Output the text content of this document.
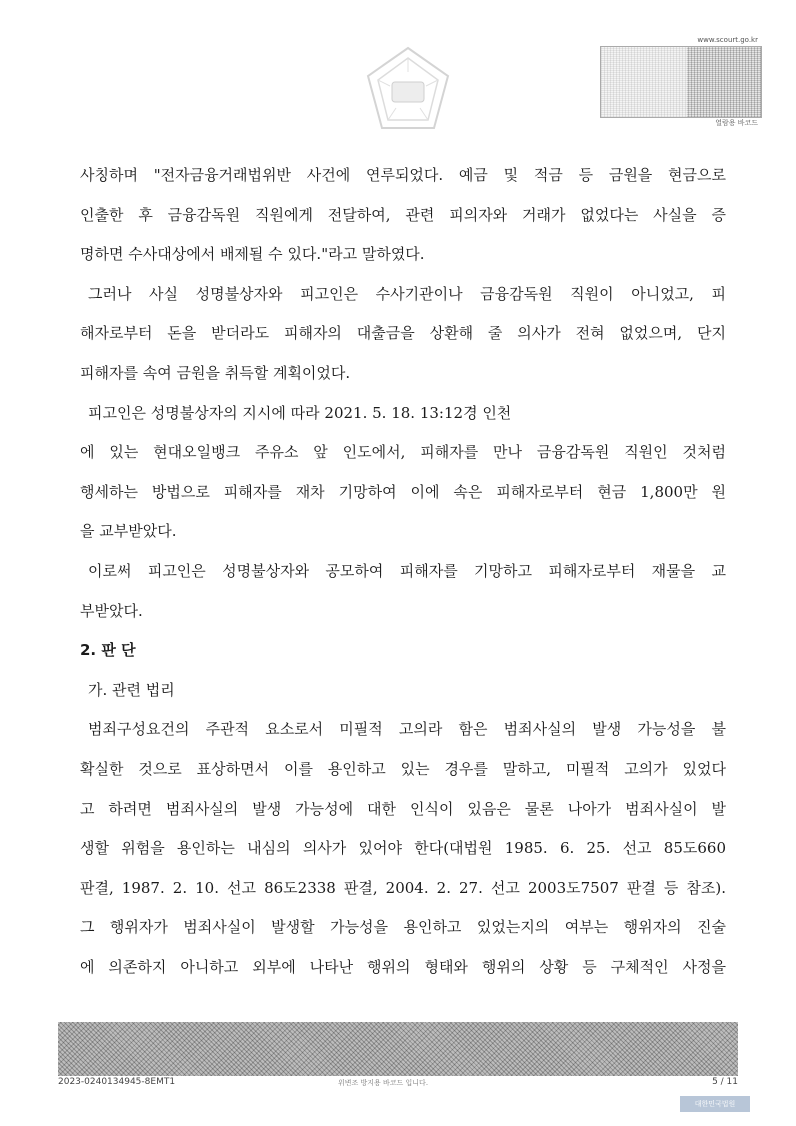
www.scourt.go.kr
열람용 바코드
사칭하며 "전자금융거래법위반 사건에 연루되었다. 예금 및 적금 등 금원을 현금으로
인출한 후 금융감독원 직원에게 전달하여, 관련 피의자와 거래가 없었다는 사실을 증
명하면 수사대상에서 배제될 수 있다."라고 말하였다.
그러나 사실 성명불상자와 피고인은 수사기관이나 금융감독원 직원이 아니었고, 피
해자로부터 돈을 받더라도 피해자의 대출금을 상환해 줄 의사가 전혀 없었으며, 단지
피해자를 속여 금원을 취득할 계획이었다.
피고인은 성명불상자의 지시에 따라 2021. 5. 18. 13:12경 인천
에 있는 현대오일뱅크 주유소 앞 인도에서, 피해자를 만나 금융감독원 직원인 것처럼
행세하는 방법으로 피해자를 재차 기망하여 이에 속은 피해자로부터 현금 1,800만 원
을 교부받았다.
이로써 피고인은 성명불상자와 공모하여 피해자를 기망하고 피해자로부터 재물을 교
부받았다.
2. 판 단
가. 관련 법리
범죄구성요건의 주관적 요소로서 미필적 고의라 함은 범죄사실의 발생 가능성을 불
확실한 것으로 표상하면서 이를 용인하고 있는 경우를 말하고, 미필적 고의가 있었다
고 하려면 범죄사실의 발생 가능성에 대한 인식이 있음은 물론 나아가 범죄사실이 발
생할 위험을 용인하는 내심의 의사가 있어야 한다(대법원 1985. 6. 25. 선고 85도660
판결, 1987. 2. 10. 선고 86도2338 판결, 2004. 2. 27. 선고 2003도7507 판결 등 참조).
그 행위자가 범죄사실이 발생할 가능성을 용인하고 있었는지의 여부는 행위자의 진술
에 의존하지 아니하고 외부에 나타난 행위의 형태와 행위의 상황 등 구체적인 사정을
2023-0240134945-8EMT1	위변조 방지용 바코드 입니다.	5 / 11
대한민국법원
